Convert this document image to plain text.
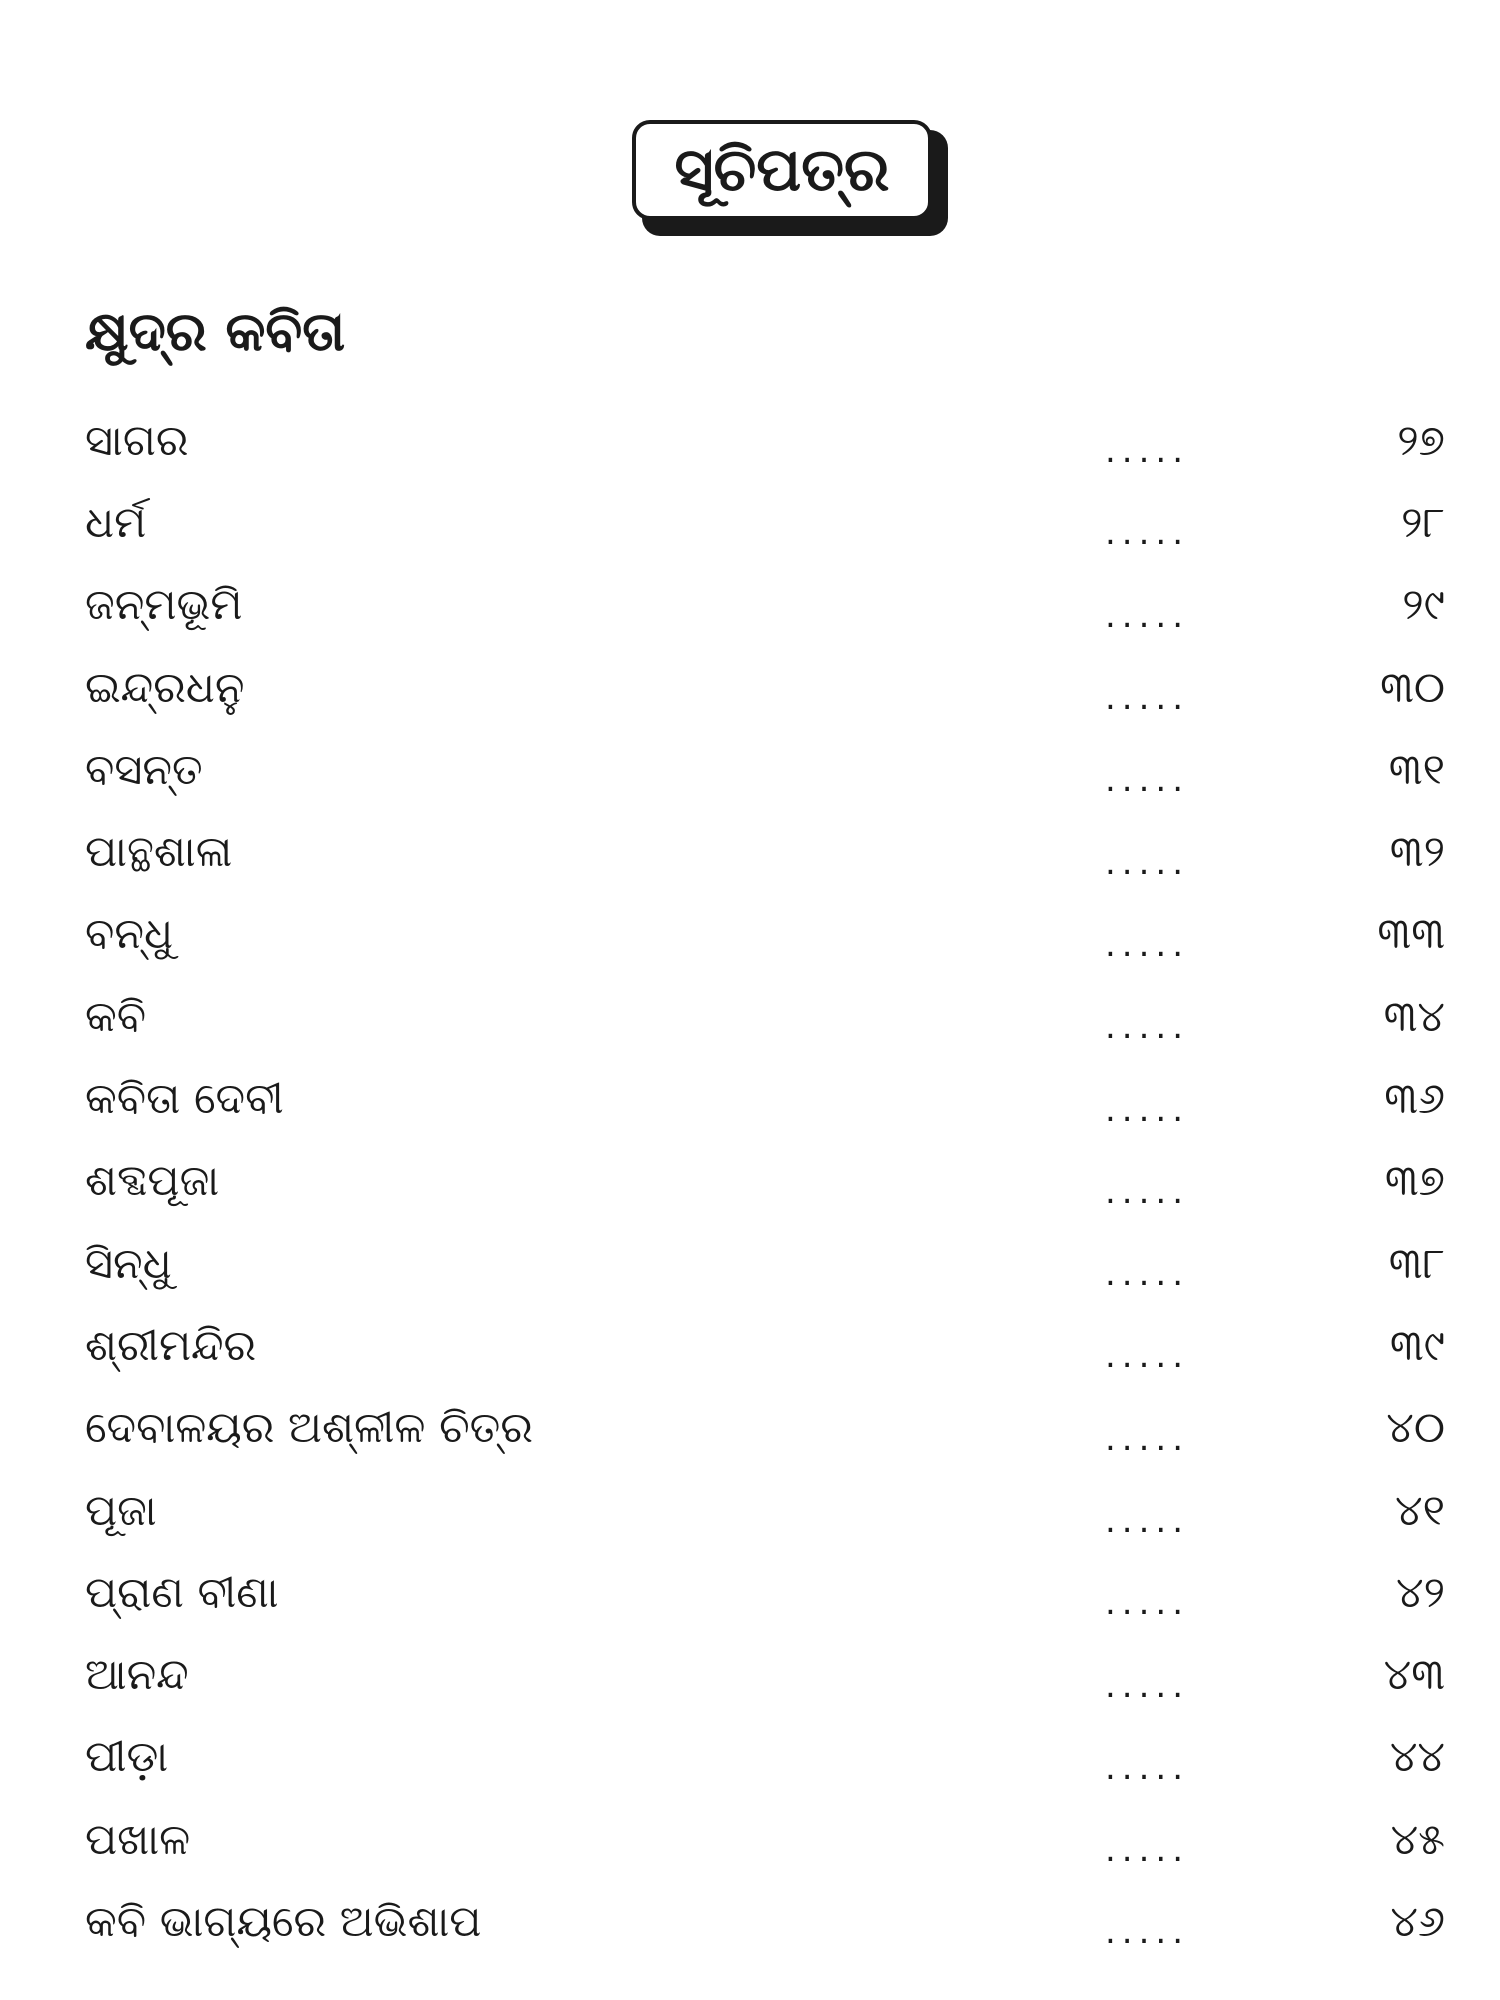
ସୂଚିପତ୍ର
କ୍ଷୁଦ୍ର କବିତା
ସାଗର	.....	୨୭
ଧର୍ମ	.....	୨୮
ଜନ୍ମଭୂମି	.....	୨୯
ଇନ୍ଦ୍ରଧନୁ	.....	୩୦
ବସନ୍ତ	.....	୩୧
ପାନ୍ଥଶାଳା	.....	୩୨
ବନ୍ଧୁ	.....	୩୩
କବି	.....	୩୪
କବିତା ଦେବୀ	.....	୩୬
ଶବ୍ଦପୂଜା	.....	୩୭
ସିନ୍ଧୁ	.....	୩୮
ଶ୍ରୀମନ୍ଦିର	.....	୩୯
ଦେବାଳୟର ଅଶ୍ଳୀଳ ଚିତ୍ର	.....	୪୦
ପୂଜା	.....	୪୧
ପ୍ରାଣ ବୀଣା	.....	୪୨
ଆନନ୍ଦ	.....	୪୩
ପୀଡ଼ା	.....	୪୪
ପଖାଳ	.....	୪୫
କବି ଭାଗ୍ୟରେ ଅଭିଶାପ	.....	୪୬
